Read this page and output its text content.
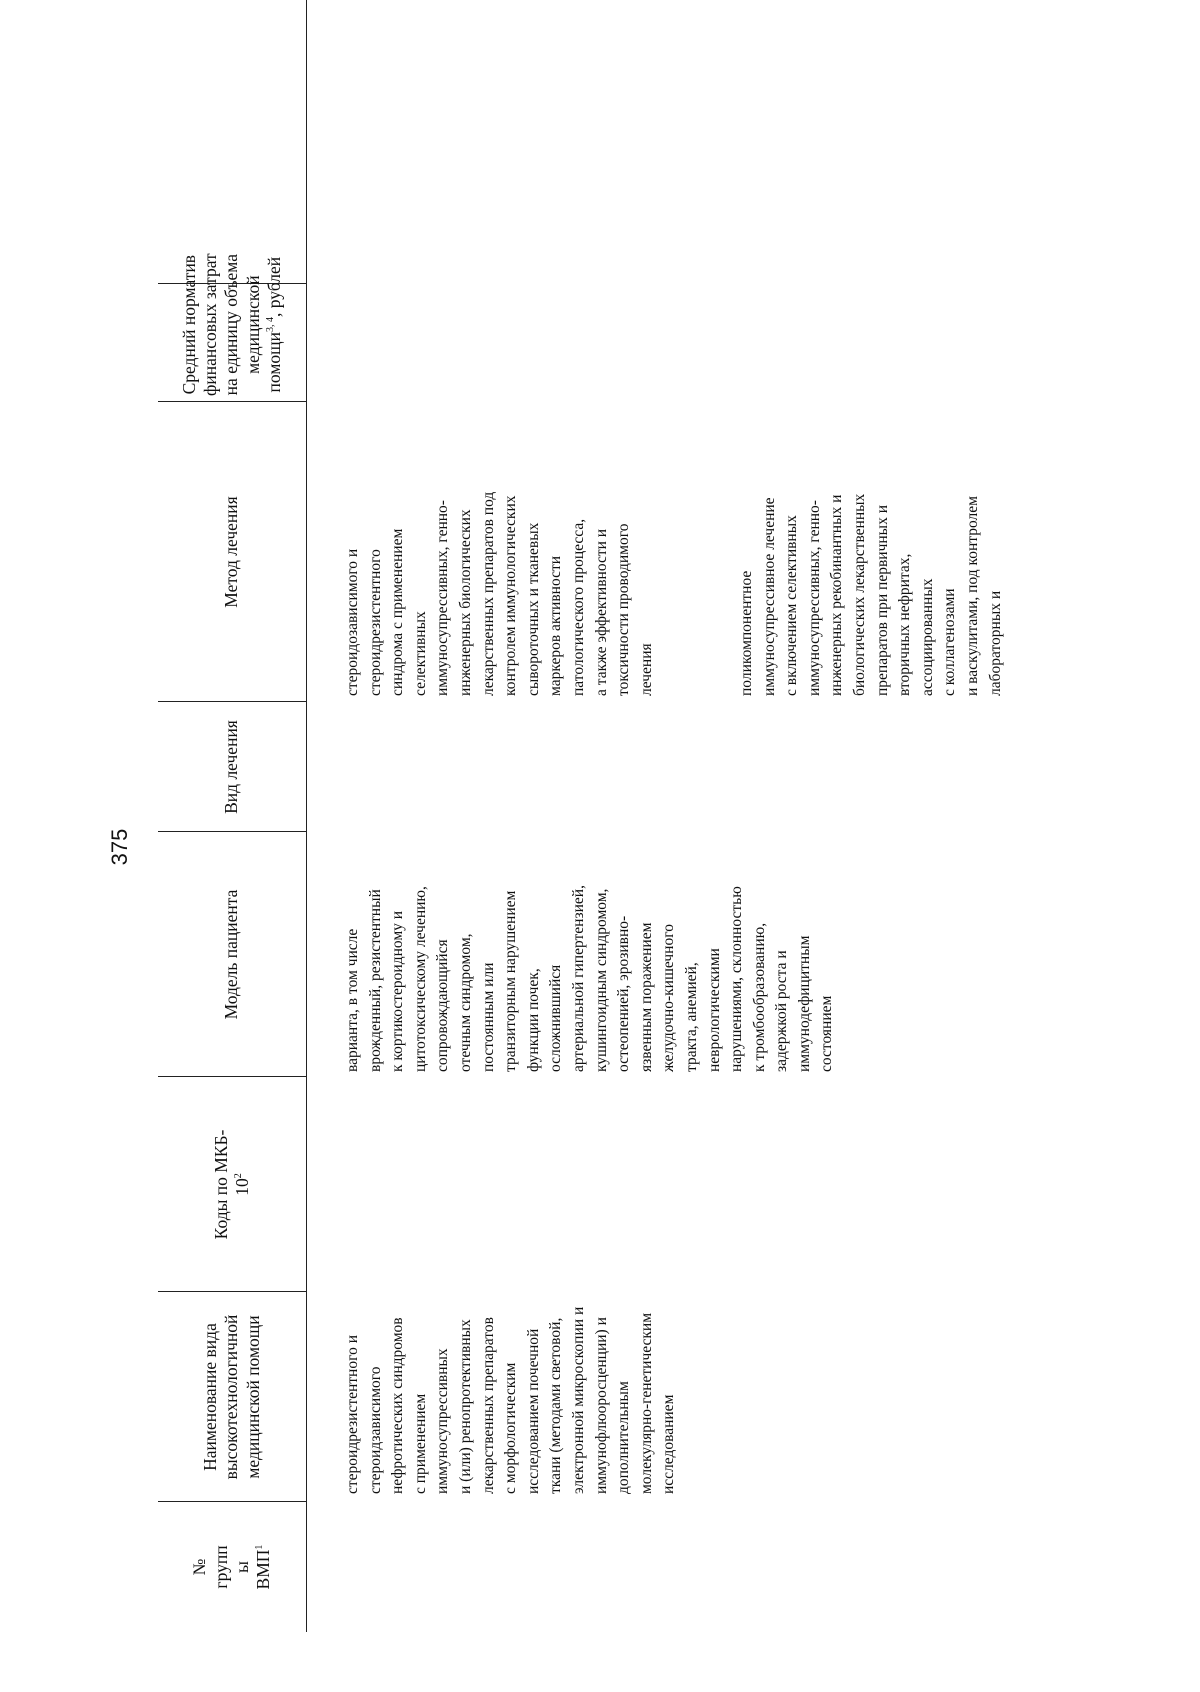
375
№
групп
ы
ВМП$^1$
Наименование вида
высокотехнологичной
медицинской помощи
Коды по МКБ-
$10^2$
Модель пациента
Вид лечения
Метод лечения
Средний норматив
финансовых затрат
на единицу объема
медицинской
помощи$^{3, 4}$, рублей
стероидрезистентного и
стероидзависимого
нефротических синдромов
с применением
иммуносупрессивных
и (или) ренопротективных
лекарственных препаратов
с морфологическим
исследованием почечной
ткани (методами световой,
электронной микроскопии и
иммунофлюоросценции) и
дополнительным
молекулярно-генетическим
исследованием
варианта, в том числе
врожденный, резистентный
к кортикостероидному и
цитотоксическому лечению,
сопровождающийся
отечным синдромом,
постоянным или
транзиторным нарушением
функции почек,
осложнившийся
артериальной гипертензией,
кушингоидным синдромом,
остеопенией, эрозивно-
язвенным поражением
желудочно-кишечного
тракта, анемией,
неврологическими
нарушениями, склонностью
к тромбообразованию,
задержкой роста и
иммунодефицитным
состоянием
стероидозависимого и
стероидрезистентного
синдрома с применением
селективных
иммуносупрессивных, генно-
инженерных биологических
лекарственных препаратов под
контролем иммунологических
сывороточных и тканевых
маркеров активности
патологического процесса,
а также эффективности и
токсичности проводимого
лечения	поликомпонентное
иммуносупрессивное лечение
с включением селективных
иммуносупрессивных, генно-
инженерных рекобинантных и
биологических лекарственных
препаратов при первичных и
вторичных нефритах,
ассоциированных
с коллагенозами
и васкулитами, под контролем
лабораторных и
